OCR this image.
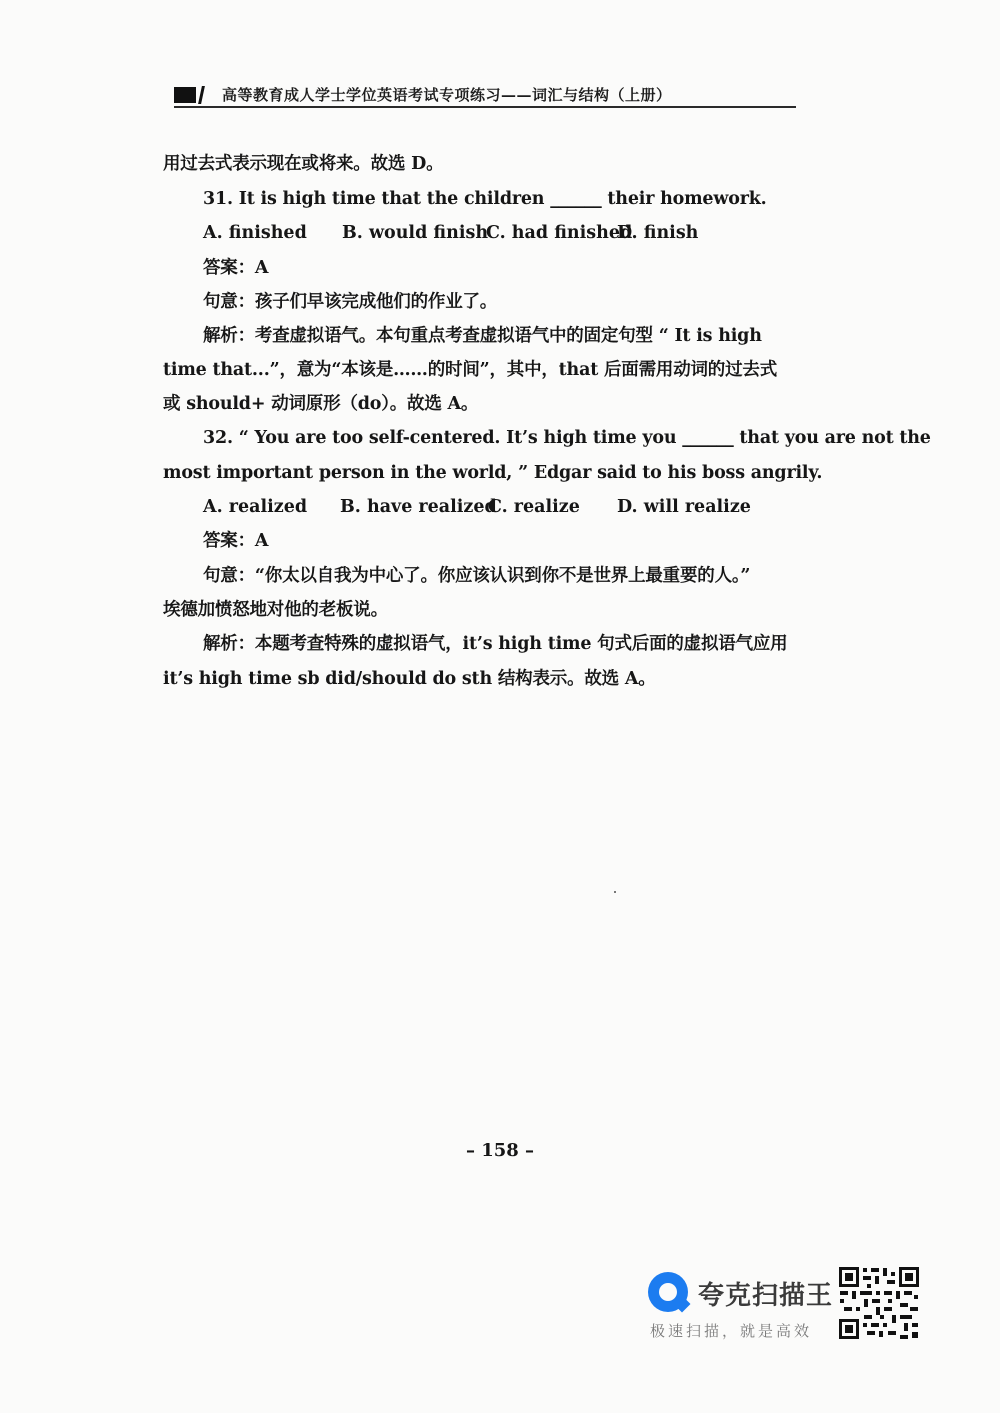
高等教育成人学士学位英语考试专项练习——词汇与结构（上册）
用过去式表示现在或将来。故选 D。
31. It is high time that the children ______ their homework.
A. finished B. would finish
C. had finished
D. finish
答案：A
句意：孩子们早该完成他们的作业了。
解析：考查虚拟语气。本句重点考查虚拟语气中的固定句型 “ It is high
time that...”，意为“本该是……的时间”，其中，that 后面需用动词的过去式
或 should+ 动词原形（do）。故选 A。
32. “ You are too self-centered. It’s high time you ______ that you are not the
most important person in the world, ” Edgar said to his boss angrily.
A. realized B. have realized
C. realize D. will realize
答案：A
句意：“你太以自我为中心了。你应该认识到你不是世界上最重要的人。”
埃德加愤怒地对他的老板说。
解析：本题考查特殊的虚拟语气，it’s high time 句式后面的虚拟语气应用
it’s high time sb did/should do sth 结构表示。故选 A。
– 158 –
夸克扫描王
极速扫描，就是高效
